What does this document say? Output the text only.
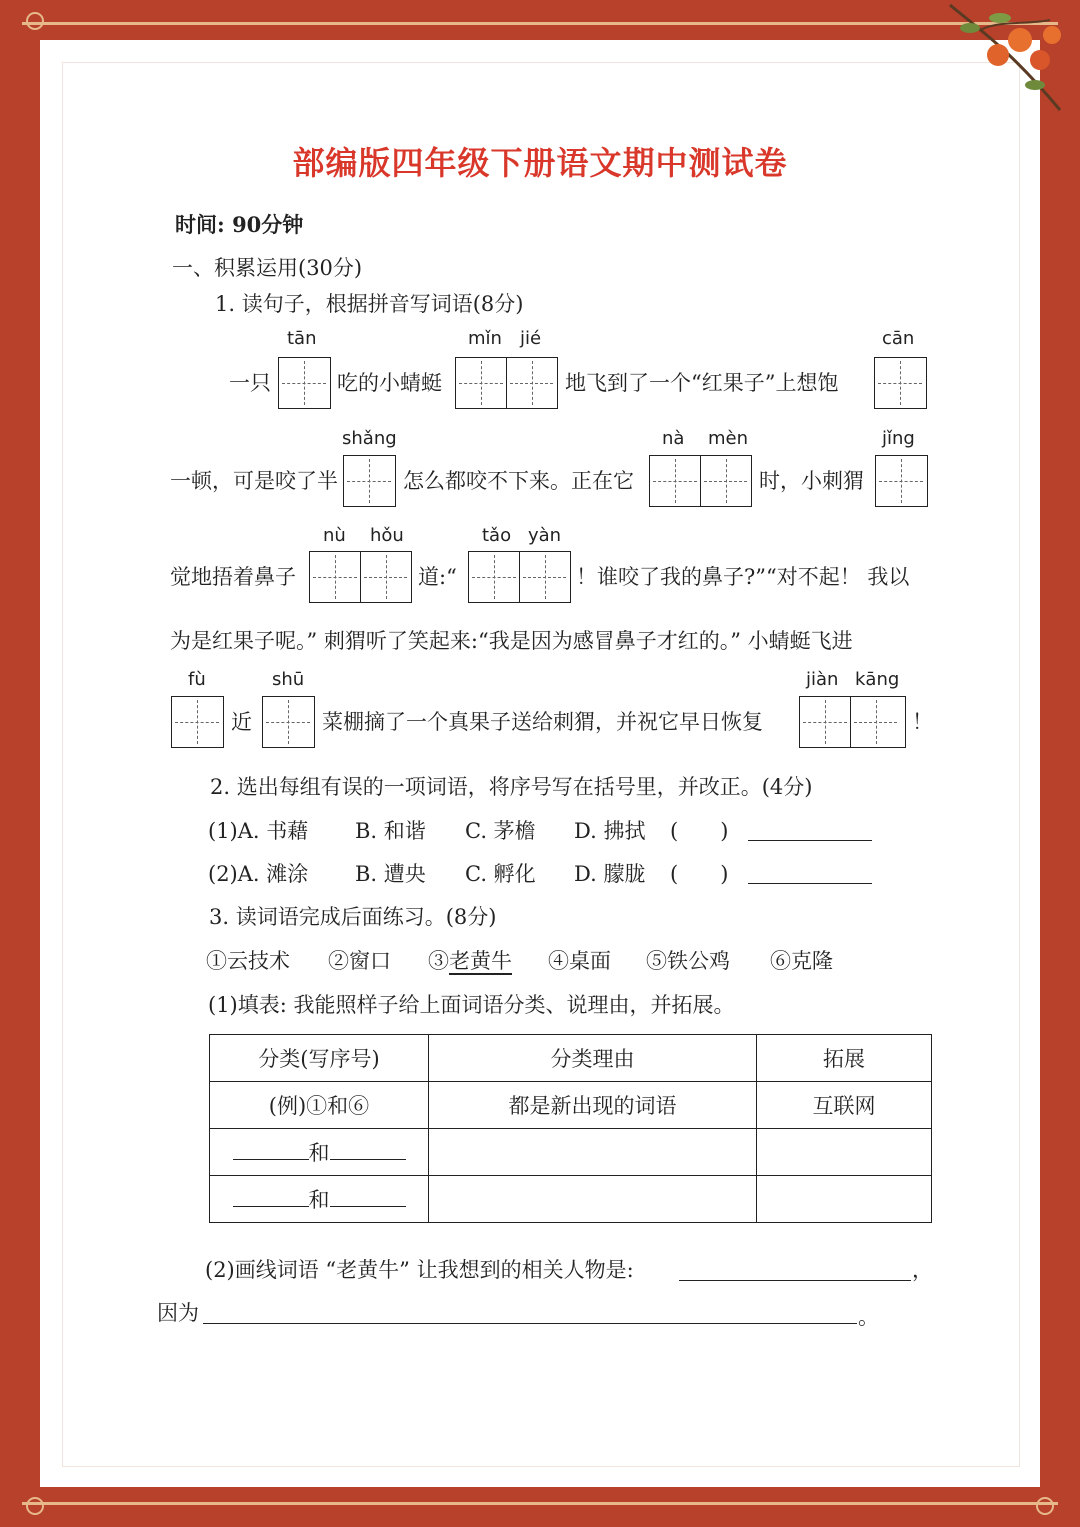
部编版四年级下册语文期中测试卷
时间: 90分钟
一、积累运用(30分)
1. 读句子，根据拼音写词语(8分)
tān	mǐn jié	cān
一只	吃的小蜻蜓	地飞到了一个“红果子”上想饱
shǎng	nà mèn	jǐng
一顿，可是咬了半	怎么都咬不下来。正在它	时，小刺猬
nù hǒu	tǎo yàn
觉地捂着鼻子	道:“	！谁咬了我的鼻子?”“对不起！ 我以
为是红果子呢。” 刺猬听了笑起来:“我是因为感冒鼻子才红的。” 小蜻蜓飞进
fù	shū	jiàn kāng
近	菜棚摘了一个真果子送给刺猬，并祝它早日恢复	！
2. 选出每组有误的一项词语，将序号写在括号里，并改正。(4分)
(1)A. 书藉 B. 和谐 C. 茅檐 D. 拂拭 (　　)
(2)A. 滩涂 B. 遭央 C. 孵化 D. 朦胧 (　　)
3. 读词语完成后面练习。(8分)
①云技术 ②窗口 ③老黄牛 ④桌面 ⑤铁公鸡 ⑥克隆
(1)填表: 我能照样子给上面词语分类、说理由，并拓展。
分类(写序号)	分类理由	拓展
(例)①和⑥	都是新出现的词语	互联网
和		
和		
(2)画线词语 “老黄牛” 让我想到的相关人物是:	，
因为	。
